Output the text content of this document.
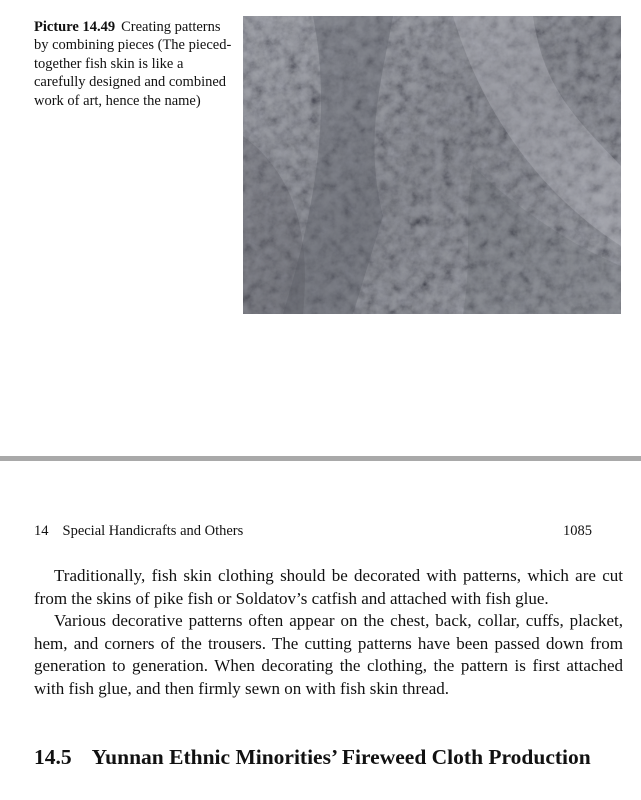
Picture 14.49 Creating patterns by combining pieces (The pieced-together fish skin is like a carefully designed and combined work of art, hence the name)
14 Special Handicrafts and Others	1085

Traditionally, fish skin clothing should be decorated with patterns, which are cut from the skins of pike fish or Soldatov’s catfish and attached with fish glue.

Various decorative patterns often appear on the chest, back, collar, cuffs, placket, hem, and corners of the trousers. The cutting patterns have been passed down from generation to generation. When decorating the clothing, the pattern is first attached with fish glue, and then firmly sewn on with fish skin thread.

14.5 Yunnan Ethnic Minorities’ Fireweed Cloth Production
